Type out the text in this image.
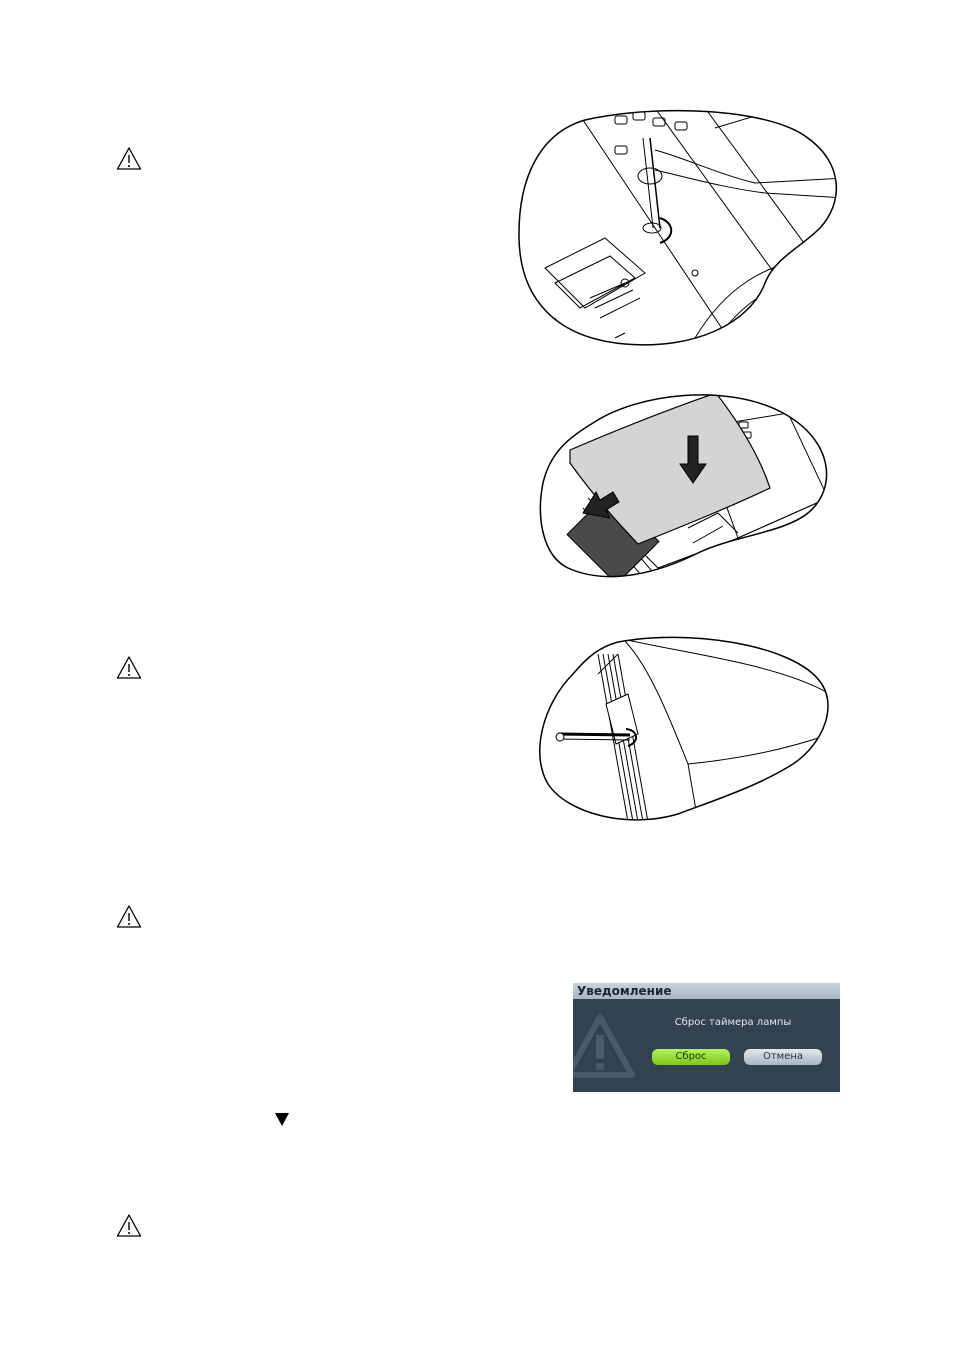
Уведомление
Сброс таймера лампы
Сброс	Отмена
